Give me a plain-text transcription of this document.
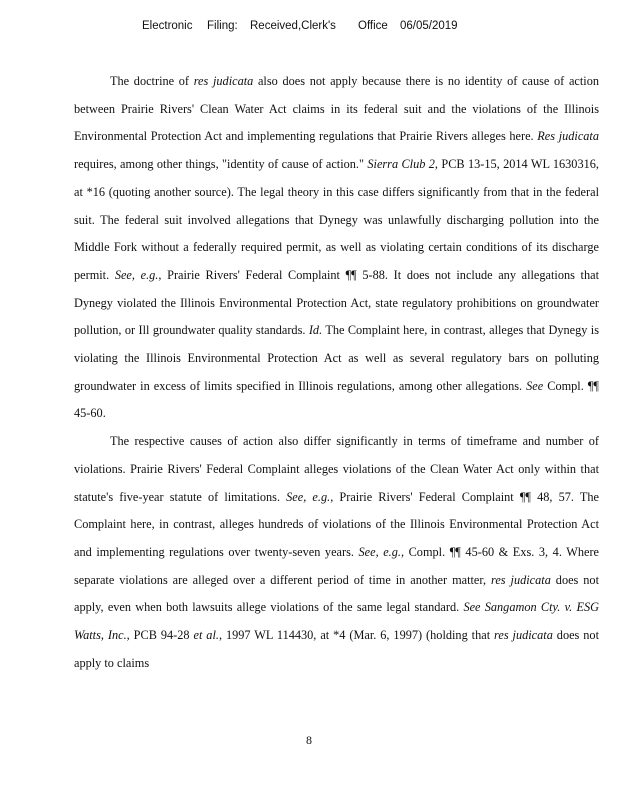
Electronic Filing: Received,Clerk's Office 06/05/2019

The doctrine of res judicata also does not apply because there is no identity of cause of action between Prairie Rivers' Clean Water Act claims in its federal suit and the violations of the Illinois Environmental Protection Act and implementing regulations that Prairie Rivers alleges here. Res judicata requires, among other things, "identity of cause of action." Sierra Club 2, PCB 13-15, 2014 WL 1630316, at *16 (quoting another source). The legal theory in this case differs significantly from that in the federal suit. The federal suit involved allegations that Dynegy was unlawfully discharging pollution into the Middle Fork without a federally required permit, as well as violating certain conditions of its discharge permit. See, e.g., Prairie Rivers' Federal Complaint ¶¶ 5-88. It does not include any allegations that Dynegy violated the Illinois Environmental Protection Act, state regulatory prohibitions on groundwater pollution, or Ill groundwater quality standards. Id. The Complaint here, in contrast, alleges that Dynegy is violating the Illinois Environmental Protection Act as well as several regulatory bars on polluting groundwater in excess of limits specified in Illinois regulations, among other allegations. See Compl. ¶¶ 45-60.

The respective causes of action also differ significantly in terms of timeframe and number of violations. Prairie Rivers' Federal Complaint alleges violations of the Clean Water Act only within that statute's five-year statute of limitations. See, e.g., Prairie Rivers' Federal Complaint ¶¶ 48, 57. The Complaint here, in contrast, alleges hundreds of violations of the Illinois Environmental Protection Act and implementing regulations over twenty-seven years. See, e.g., Compl. ¶¶ 45-60 & Exs. 3, 4. Where separate violations are alleged over a different period of time in another matter, res judicata does not apply, even when both lawsuits allege violations of the same legal standard. See Sangamon Cty. v. ESG Watts, Inc., PCB 94-28 et al., 1997 WL 114430, at *4 (Mar. 6, 1997) (holding that res judicata does not apply to claims

8
